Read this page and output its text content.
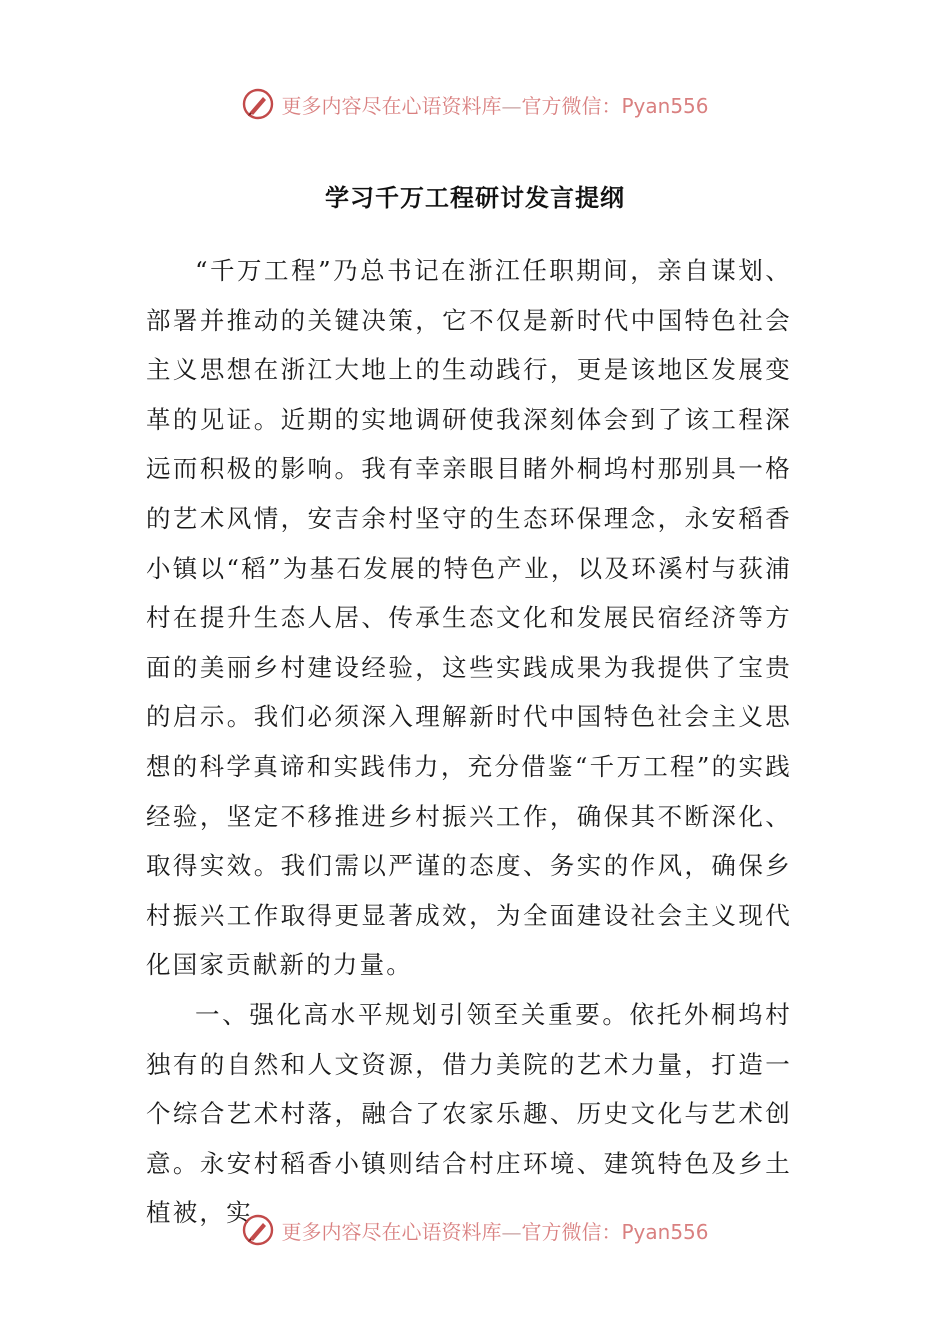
更多内容尽在心语资料库—官方微信：Pyan556
学习千万工程研讨发言提纲

“千万工程”乃总书记在浙江任职期间，亲自谋划、部署并推动的关键决策，它不仅是新时代中国特色社会主义思想在浙江大地上的生动践行，更是该地区发展变革的见证。近期的实地调研使我深刻体会到了该工程深远而积极的影响。我有幸亲眼目睹外桐坞村那别具一格的艺术风情，安吉余村坚守的生态环保理念，永安稻香小镇以“稻”为基石发展的特色产业，以及环溪村与荻浦村在提升生态人居、传承生态文化和发展民宿经济等方面的美丽乡村建设经验，这些实践成果为我提供了宝贵的启示。我们必须深入理解新时代中国特色社会主义思想的科学真谛和实践伟力，充分借鉴“千万工程”的实践经验，坚定不移推进乡村振兴工作，确保其不断深化、取得实效。我们需以严谨的态度、务实的作风，确保乡村振兴工作取得更显著成效，为全面建设社会主义现代化国家贡献新的力量。

一、强化高水平规划引领至关重要。依托外桐坞村独有的自然和人文资源，借力美院的艺术力量，打造一个综合艺术村落，融合了农家乐趣、历史文化与艺术创意。永安村稻香小镇则结合村庄环境、建筑特色及乡土植被，实

更多内容尽在心语资料库—官方微信：Pyan556
